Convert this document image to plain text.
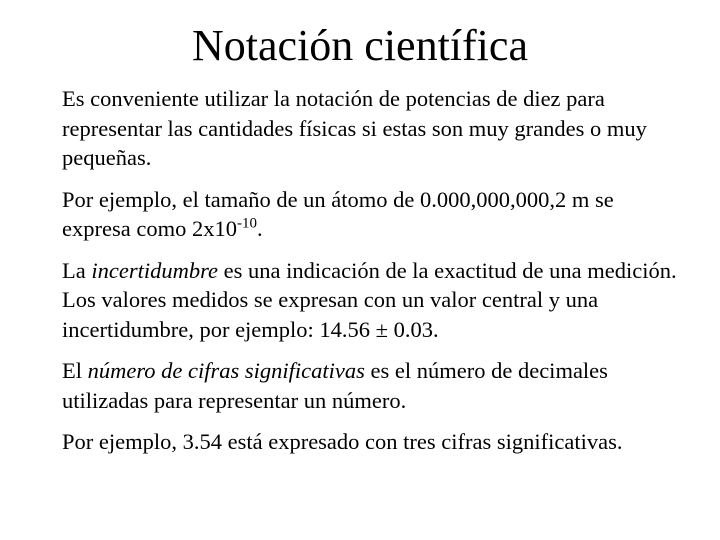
Notación científica

Es conveniente utilizar la notación de potencias de diez para representar las cantidades físicas si estas son muy grandes o muy pequeñas.

Por ejemplo, el tamaño de un átomo de 0.000,000,000,2 m se expresa como $2x10^{-10}$.

La incertidumbre es una indicación de la exactitud de una medición. Los valores medidos se expresan con un valor central y una incertidumbre, por ejemplo: 14.56 ± 0.03.

El número de cifras significativas es el número de decimales utilizadas para representar un número.

Por ejemplo, 3.54 está expresado con tres cifras significativas.
